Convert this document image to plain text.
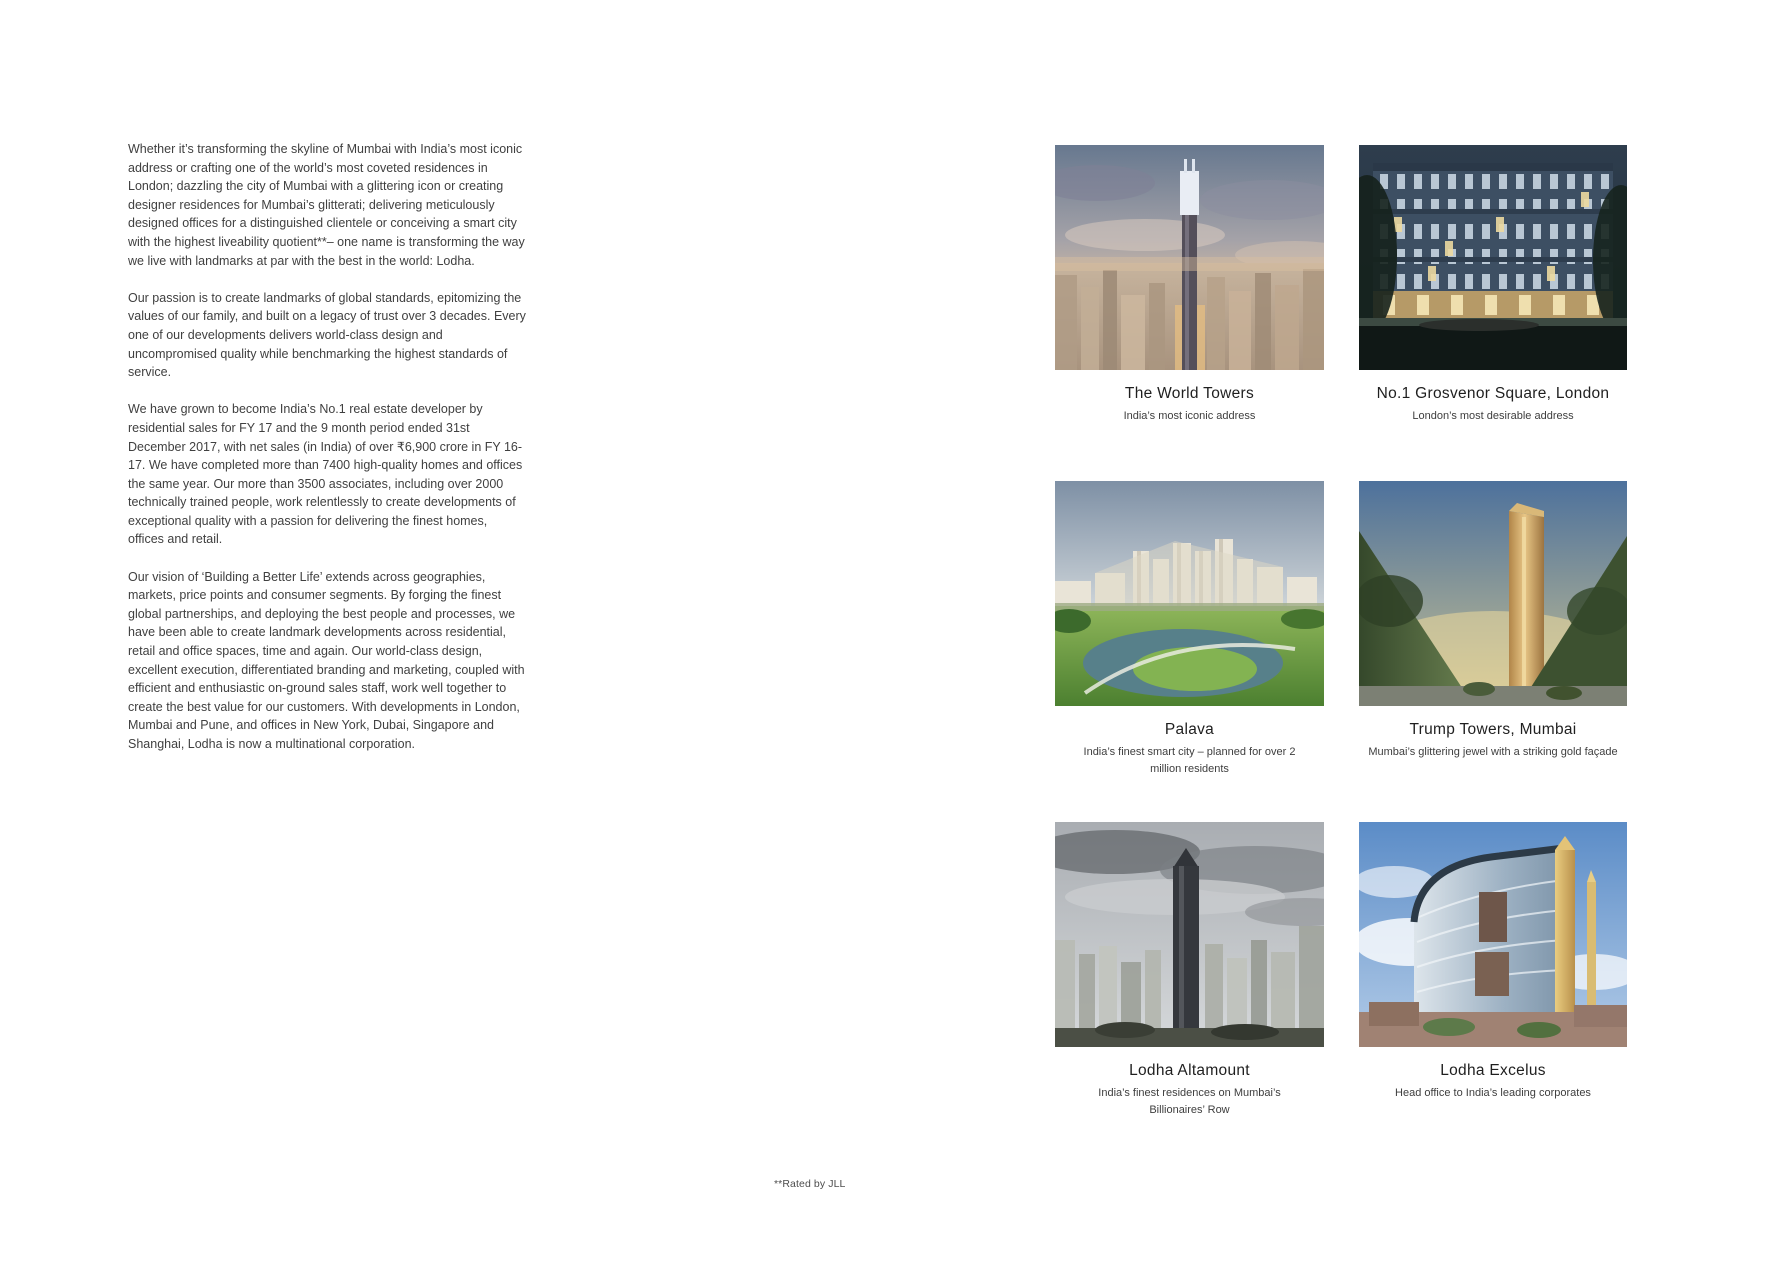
Whether it’s transforming the skyline of Mumbai with India’s most iconic address or crafting one of the world’s most coveted residences in London; dazzling the city of Mumbai with a glittering icon or creating designer residences for Mumbai’s glitterati; delivering meticulously designed offices for a distinguished clientele or conceiving a smart city with the highest liveability quotient**– one name is transforming the way we live with landmarks at par with the best in the world: Lodha.

Our passion is to create landmarks of global standards, epitomizing the values of our family, and built on a legacy of trust over 3 decades. Every one of our developments delivers world-class design and uncompromised quality while benchmarking the highest standards of service.

We have grown to become India’s No.1 real estate developer by residential sales for FY 17 and the 9 month period ended 31st December 2017, with net sales (in India) of over ₹6,900 crore in FY 16-17. We have completed more than 7400 high-quality homes and offices the same year. Our more than 3500 associates, including over 2000 technically trained people, work relentlessly to create developments of exceptional quality with a passion for delivering the finest homes, offices and retail.

Our vision of ‘Building a Better Life’ extends across geographies, markets, price points and consumer segments. By forging the finest global partnerships, and deploying the best people and processes, we have been able to create landmark developments across residential, retail and office spaces, time and again. Our world-class design, excellent execution, differentiated branding and marketing, coupled with efficient and enthusiastic on-ground sales staff, work well together to create the best value for our customers. With developments in London, Mumbai and Pune, and offices in New York, Dubai, Singapore and Shanghai, Lodha is now a multinational corporation.

**Rated by JLL
The World Towers
India’s most iconic address
No.1 Grosvenor Square, London
London’s most desirable address
Palava
India’s finest smart city – planned for over 2 million residents
Trump Towers, Mumbai
Mumbai’s glittering jewel with a striking gold façade
Lodha Altamount
India’s finest residences on Mumbai’s Billionaires’ Row
Lodha Excelus
Head office to India’s leading corporates
